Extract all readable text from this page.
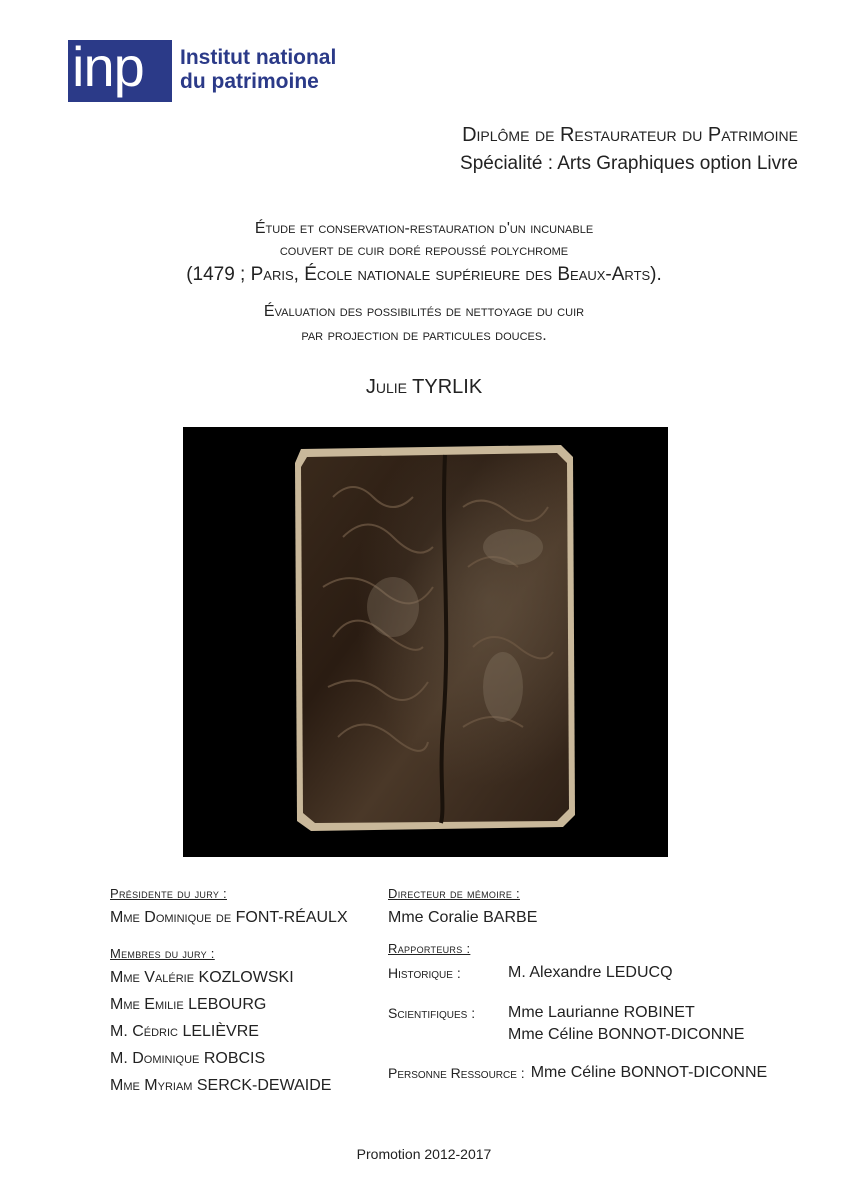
inp Institut national
du patrimoine
Diplôme de Restaurateur du Patrimoine
Spécialité : Arts Graphiques option Livre
Étude et conservation-restauration d'un incunable
couvert de cuir doré repoussé polychrome
(1479 ; Paris, École nationale supérieure des Beaux-Arts).
Évaluation des possibilités de nettoyage du cuir
par projection de particules douces.
Julie TYRLIK
Présidente du jury :
Mme Dominique de FONT-RÉAULX
Membres du jury :
Mme Valérie KOZLOWSKI
Mme Emilie LEBOURG
M. Cédric LELIÈVRE
M. Dominique ROBCIS
Mme Myriam SERCK-DEWAIDE
Directeur de mémoire :
Mme Coralie BARBE
Rapporteurs :
Historique :	M. Alexandre LEDUCQ
Scientifiques :	Mme Laurianne ROBINET
Mme Céline BONNOT-DICONNE
Personne Ressource : Mme Céline BONNOT-DICONNE
Promotion 2012-2017
